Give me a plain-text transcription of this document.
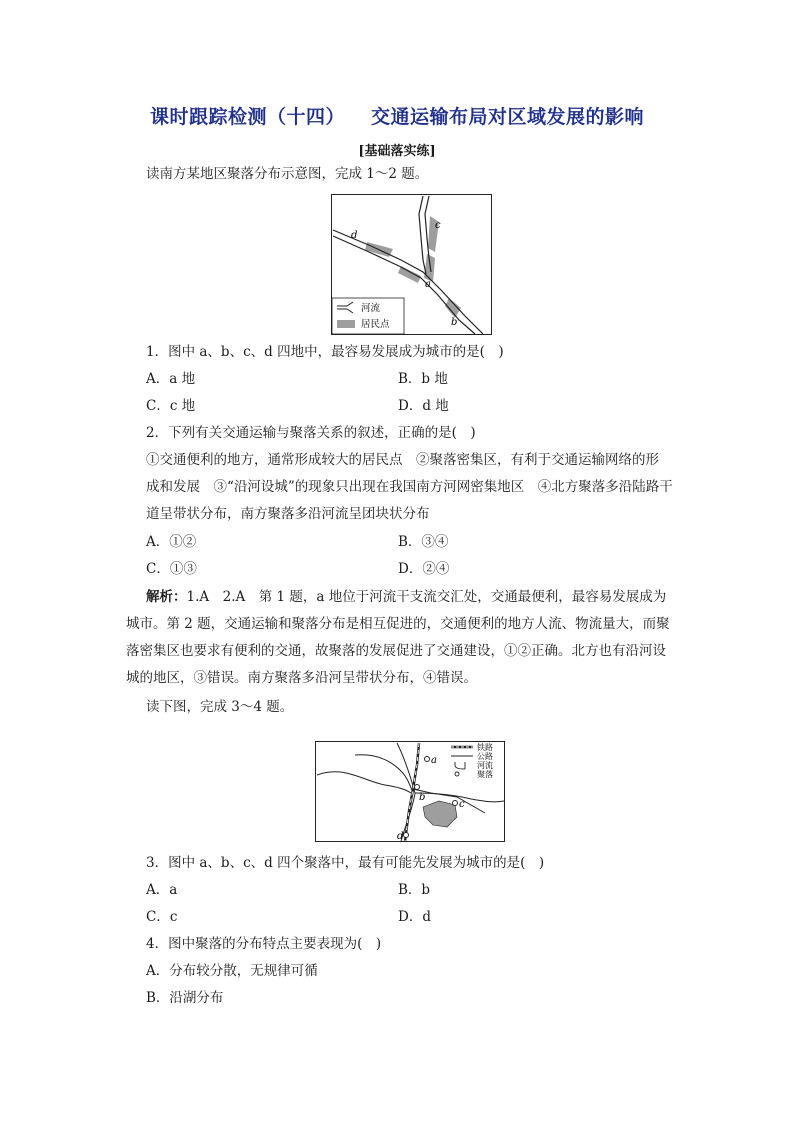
课时跟踪检测（十四） 交通运输布局对区域发展的影响
[基础落实练]
读南方某地区聚落分布示意图，完成 1～2 题。
d
c
a
b
河流
居民点
1．图中 a、b、c、d 四地中，最容易发展成为城市的是(　)
A．a 地	B．b 地
C．c 地	D．d 地
2．下列有关交通运输与聚落关系的叙述，正确的是(　)
①交通便利的地方，通常形成较大的居民点　②聚落密集区，有利于交通运输网络的形
成和发展　③“沿河设城”的现象只出现在我国南方河网密集地区　④北方聚落多沿陆路干
道呈带状分布，南方聚落多沿河流呈团块状分布
A．①②	B．③④
C．①③	D．②④
解析：1.A　2.A　第 1 题，a 地位于河流干支流交汇处，交通最便利，最容易发展成为
城市。第 2 题，交通运输和聚落分布是相互促进的，交通便利的地方人流、物流量大，而聚
落密集区也要求有便利的交通，故聚落的发展促进了交通建设，①②正确。北方也有沿河设
城的地区，③错误。南方聚落多沿河呈带状分布，④错误。
读下图，完成 3～4 题。
a
b
c
d
铁路
公路
河流
聚落
3．图中 a、b、c、d 四个聚落中，最有可能先发展为城市的是(　)
A．a	B．b
C．c	D．d
4．图中聚落的分布特点主要表现为(　)
A．分布较分散，无规律可循
B．沿湖分布
